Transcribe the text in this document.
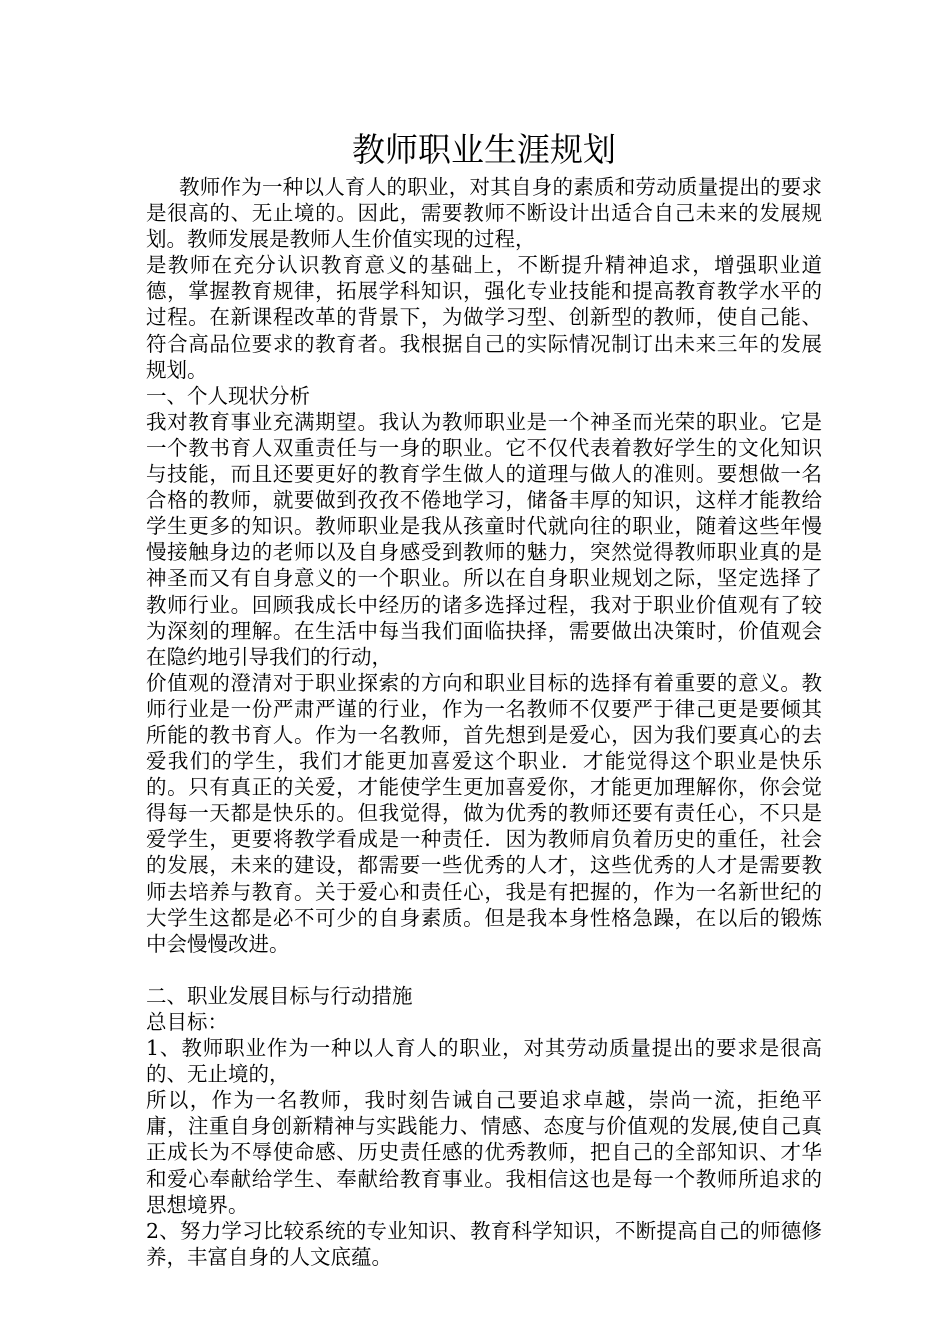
教师职业生涯规划

教师作为一种以人育人的职业，对其自身的素质和劳动质量提出的要求是很高的、无止境的。因此，需要教师不断设计出适合自己未来的发展规划。教师发展是教师人生价值实现的过程，

是教师在充分认识教育意义的基础上，不断提升精神追求，增强职业道德，掌握教育规律，拓展学科知识，强化专业技能和提高教育教学水平的过程。在新课程改革的背景下，为做学习型、创新型的教师，使自己能、符合高品位要求的教育者。我根据自己的实际情况制订出未来三年的发展规划。

一、个人现状分析

我对教育事业充满期望。我认为教师职业是一个神圣而光荣的职业。它是一个教书育人双重责任与一身的职业。它不仅代表着教好学生的文化知识与技能，而且还要更好的教育学生做人的道理与做人的准则。要想做一名合格的教师，就要做到孜孜不倦地学习，储备丰厚的知识，这样才能教给学生更多的知识。教师职业是我从孩童时代就向往的职业，随着这些年慢慢接触身边的老师以及自身感受到教师的魅力，突然觉得教师职业真的是神圣而又有自身意义的一个职业。所以在自身职业规划之际，坚定选择了教师行业。回顾我成长中经历的诸多选择过程，我对于职业价值观有了较为深刻的理解。在生活中每当我们面临抉择，需要做出决策时，价值观会在隐约地引导我们的行动，

价值观的澄清对于职业探索的方向和职业目标的选择有着重要的意义。教师行业是一份严肃严谨的行业，作为一名教师不仅要严于律己更是要倾其所能的教书育人。作为一名教师，首先想到是爱心，因为我们要真心的去爱我们的学生，我们才能更加喜爱这个职业．才能觉得这个职业是快乐的。只有真正的关爱，才能使学生更加喜爱你，才能更加理解你，你会觉得每一天都是快乐的。但我觉得，做为优秀的教师还要有责任心，不只是爱学生，更要将教学看成是一种责任．因为教师肩负着历史的重任，社会的发展，未来的建设，都需要一些优秀的人才，这些优秀的人才是需要教师去培养与教育。关于爱心和责任心，我是有把握的，作为一名新世纪的大学生这都是必不可少的自身素质。但是我本身性格急躁，在以后的锻炼中会慢慢改进。

二、职业发展目标与行动措施

总目标：

1、教师职业作为一种以人育人的职业，对其劳动质量提出的要求是很高的、无止境的，

所以，作为一名教师，我时刻告诫自己要追求卓越，崇尚一流，拒绝平庸，注重自身创新精神与实践能力、情感、态度与价值观的发展,使自己真正成长为不辱使命感、历史责任感的优秀教师，把自己的全部知识、才华和爱心奉献给学生、奉献给教育事业。我相信这也是每一个教师所追求的思想境界。

2、努力学习比较系统的专业知识、教育科学知识，不断提高自己的师德修养，丰富自身的人文底蕴。
